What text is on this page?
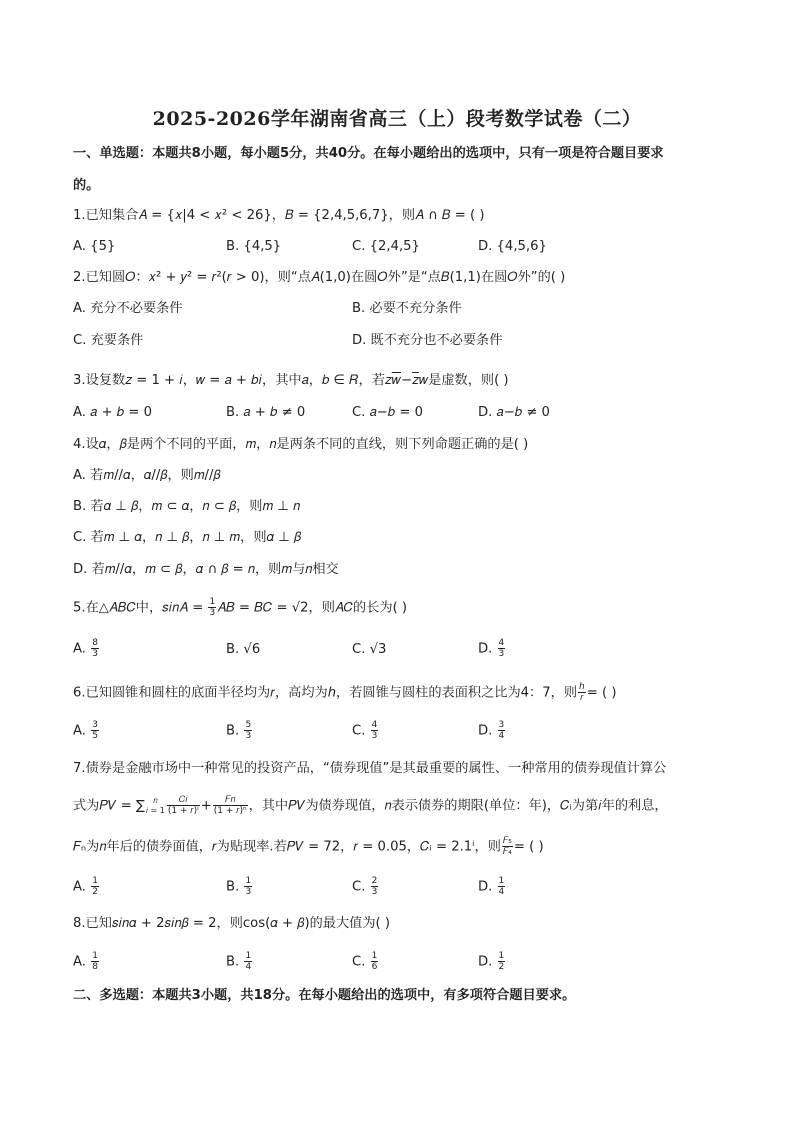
2025-2026学年湖南省高三（上）段考数学试卷（二）
一、单选题：本题共8小题，每小题5分，共40分。在每小题给出的选项中，只有一项是符合题目要求
的。
1.已知集合𝐴 = {𝑥|4 < 𝑥² < 26}，𝐵 = {2,4,5,6,7}，则𝐴 ∩ 𝐵 = ( )
A. {5}	B. {4,5}	C. {2,4,5}	D. {4,5,6}
2.已知圆𝑂：𝑥² + 𝑦² = 𝑟²(𝑟 > 0)，则“点𝐴(1,0)在圆𝑂外”是“点𝐵(1,1)在圆𝑂外”的( )
A. 充分不必要条件	B. 必要不充分条件
C. 充要条件	D. 既不充分也不必要条件
3.设复数𝑧 = 1 + 𝑖，𝑤 = 𝑎 + 𝑏𝑖，其中𝑎，𝑏 ∈ 𝑅，若𝑧𝑤−𝑧𝑤是虚数，则( )
A. 𝑎 + 𝑏 = 0	B. 𝑎 + 𝑏 ≠ 0	C. 𝑎−𝑏 = 0	D. 𝑎−𝑏 ≠ 0
4.设𝛼，𝛽是两个不同的平面，𝑚，𝑛是两条不同的直线，则下列命题正确的是( )
A. 若𝑚//𝛼，𝛼//𝛽，则𝑚//𝛽
B. 若𝛼 ⊥ 𝛽，𝑚 ⊂ 𝛼，𝑛 ⊂ 𝛽，则𝑚 ⊥ 𝑛
C. 若𝑚 ⊥ 𝛼，𝑛 ⊥ 𝛽，𝑛 ⊥ 𝑚，则𝛼 ⊥ 𝛽
D. 若𝑚//𝛼，𝑚 ⊂ 𝛽，𝛼 ∩ 𝛽 = 𝑛，则𝑚与𝑛相交
5.在△𝐴𝐵𝐶中，𝑠𝑖𝑛𝐴 = $\frac{1}{3}$ 𝐴𝐵 = 𝐵𝐶 = √2，则𝐴𝐶的长为( )
A. $\frac{8}{3}$	B. √6	C. √3	D. $\frac{4}{3}$
6.已知圆锥和圆柱的底面半径均为𝑟，高均为ℎ，若圆锥与圆柱的表面积之比为4：7，则 $\frac{\text{ℎ}}{\text{𝑟}}$ = ( )
A. $\frac{3}{5}$	B. $\frac{5}{3}$	C. $\frac{4}{3}$	D. $\frac{3}{4}$
7.债券是金融市场中一种常见的投资产品，“债券现值”是其最重要的属性、一种常用的债券现值计算公
式为𝑃𝑉 = ∑	𝑛
𝑖 = $1 \frac{\text{𝐶𝑖}}{\text{(1 + 𝑟)ⁱ}} + \frac{\text{𝐹𝑛}}{\text{(1 + 𝑟)ⁿ}}$ ，其中𝑃𝑉为债券现值，𝑛表示债券的期限(单位：年)，𝐶ᵢ为第𝑖年的利息，
𝐹ₙ为𝑛年后的债券面值，𝑟为贴现率.若𝑃𝑉 = 72，𝑟 = 0.05，𝐶ᵢ = 2.1ⁱ，则 $\frac{\text{𝐹₅}}{\text{𝐹₄}}$ = ( )
A. $\frac{1}{2}$	B. $\frac{1}{3}$	C. $\frac{2}{3}$	D. $\frac{1}{4}$
8.已知𝑠𝑖𝑛𝛼 + 2𝑠𝑖𝑛𝛽 = 2，则cos(𝛼 + 𝛽)的最大值为( )
A. $\frac{1}{8}$	B. $\frac{1}{4}$	C. $\frac{1}{6}$	D. $\frac{1}{2}$
二、多选题：本题共3小题，共18分。在每小题给出的选项中，有多项符合题目要求。
